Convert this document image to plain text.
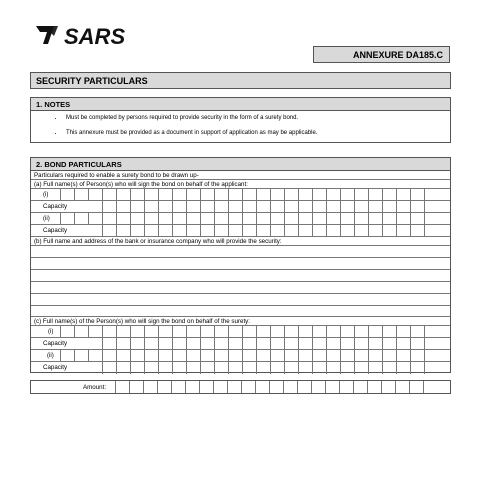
SARS
ANNEXURE DA185.C
SECURITY PARTICULARS
1. NOTES
• Must be completed by persons required to provide security in the form of a surety bond.
• This annexure must be provided as a document in support of application as may be applicable.
2. BOND PARTICULARS
Particulars required to enable a surety bond to be drawn up-
(a) Full name(s) of Person(s) who will sign the bond on behalf of the applicant:
(i)
Capacity
(ii)
Capacity
(b) Full name and address of the bank or insurance company who will provide the security:
(c) Full name(s) of the Person(s) who will sign the bond on behalf of the surety:
(i)
Capacity
(ii)
Capacity
Amount:
